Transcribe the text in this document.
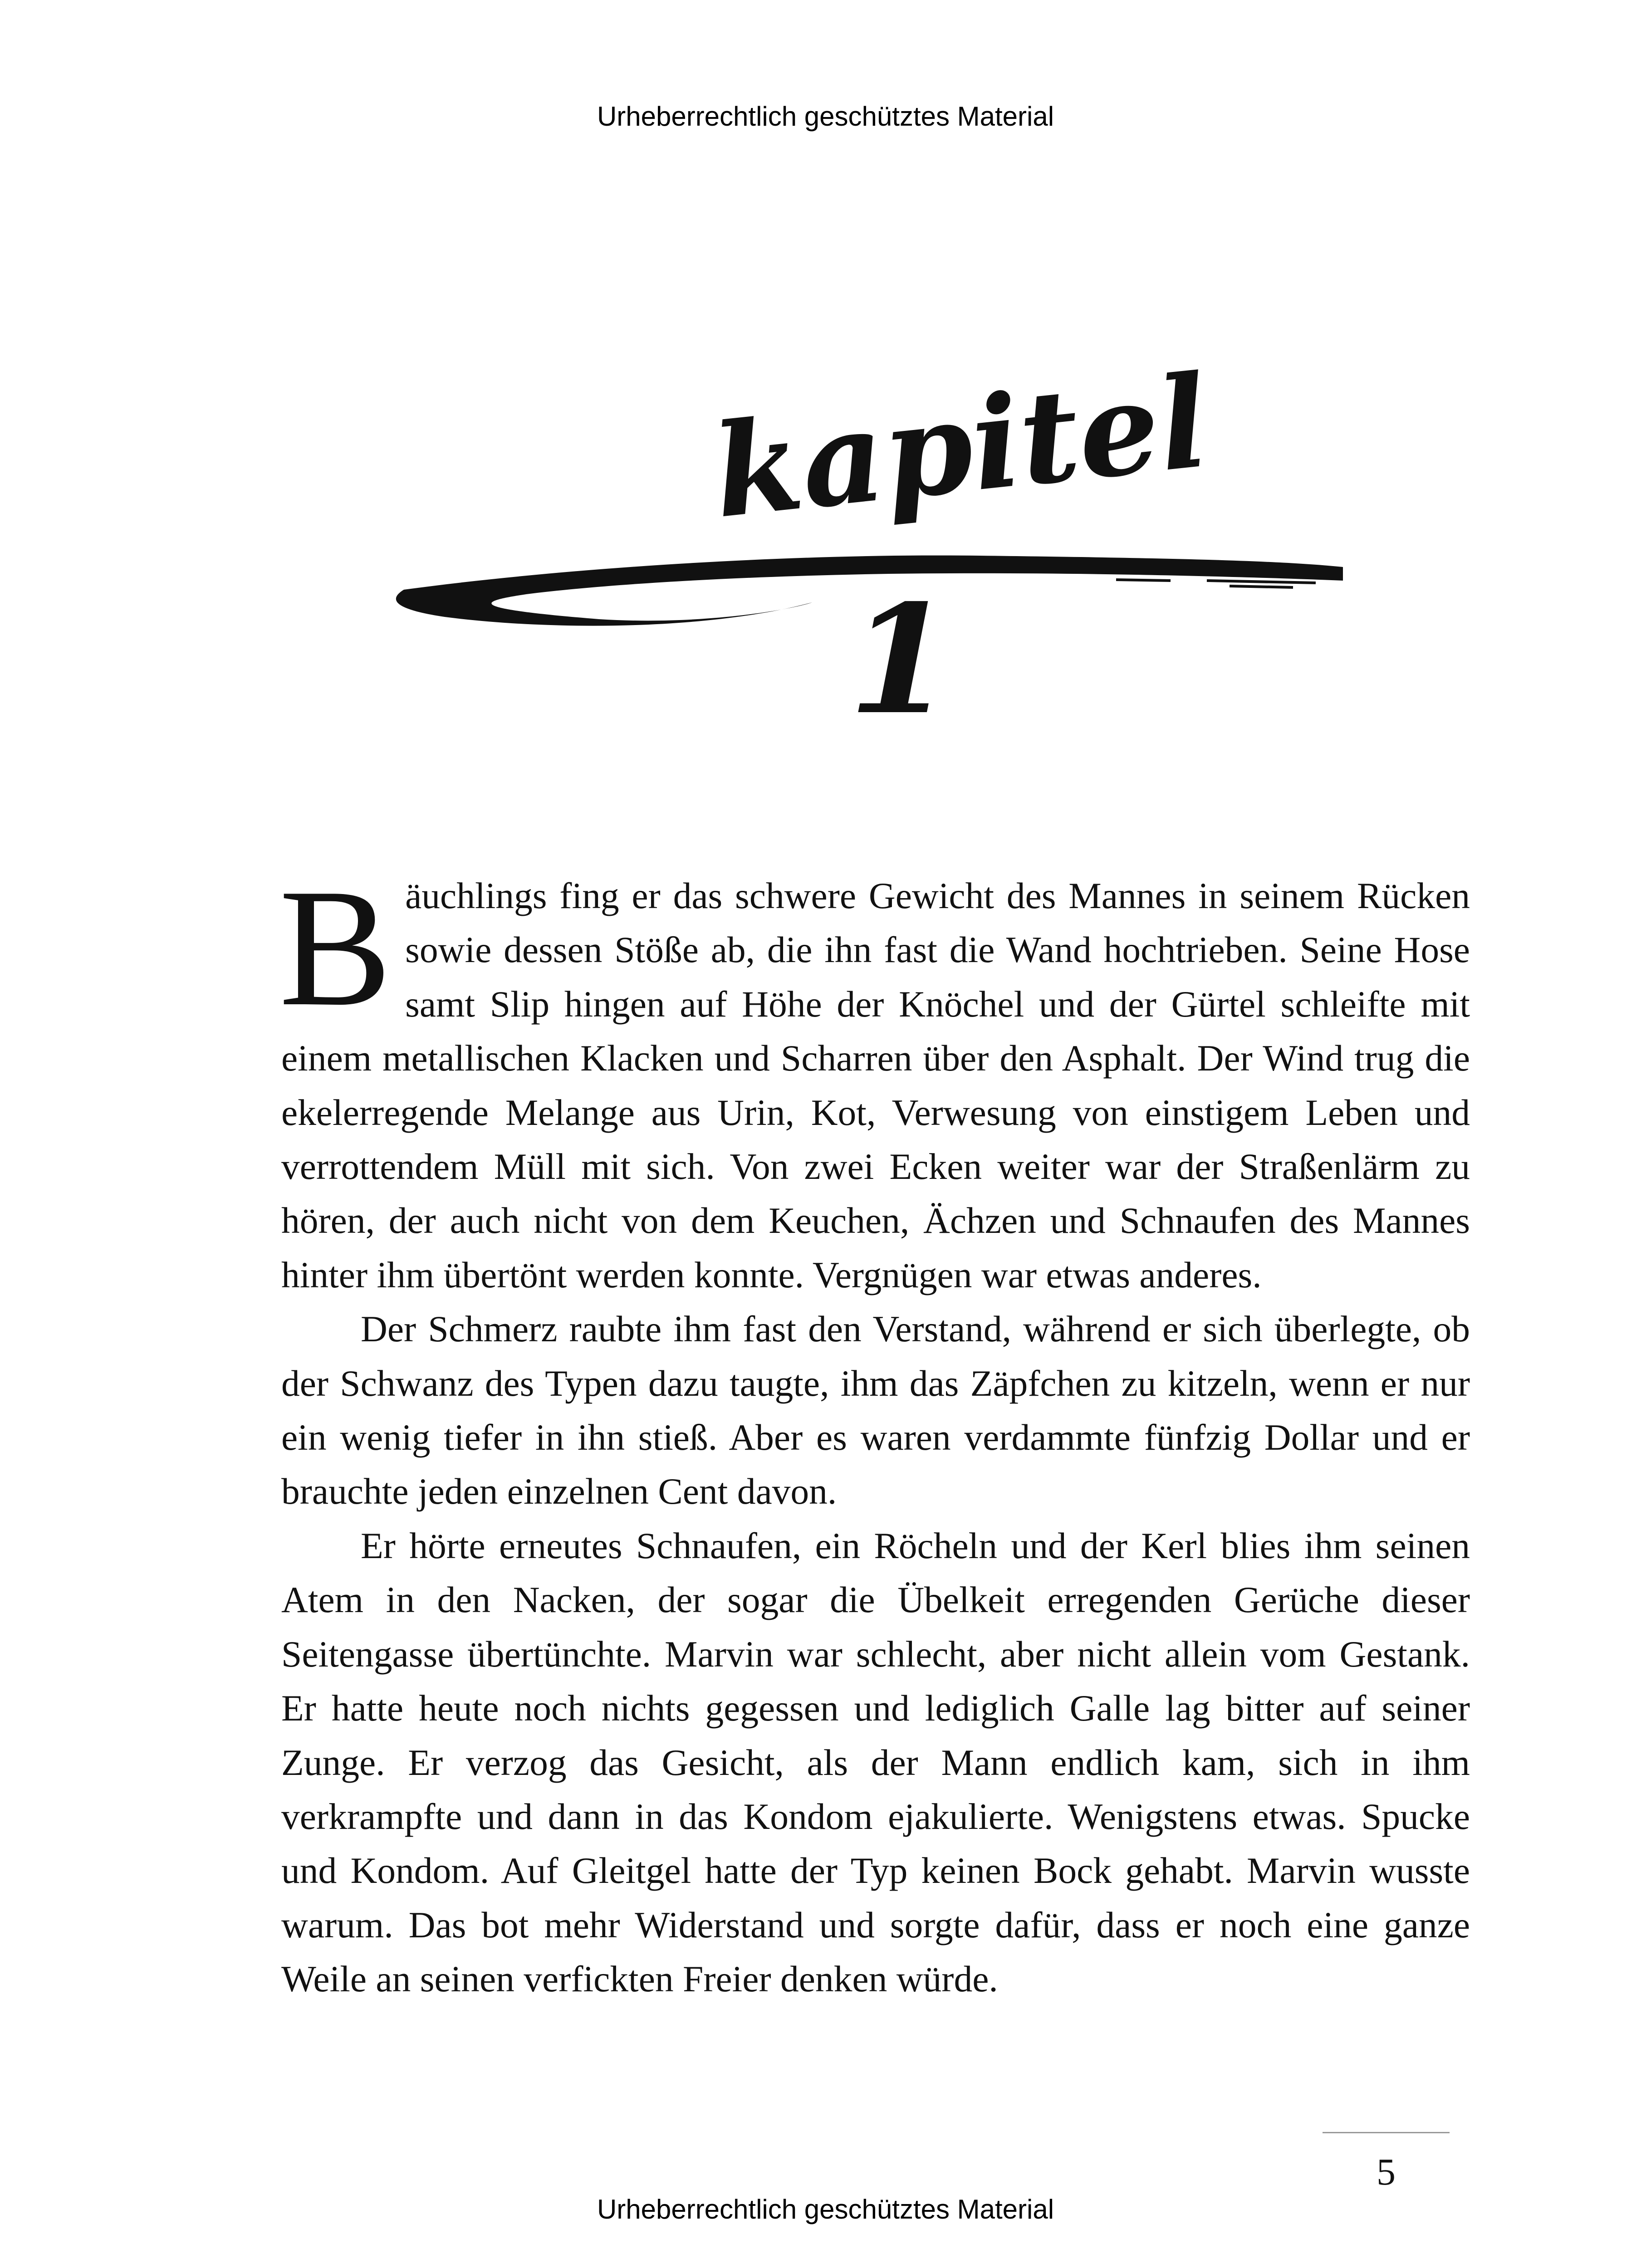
Urheberrechtlich geschütztes Material
kapitel
1

Bäuchlings fing er das schwere Gewicht des Mannes in seinem Rücken sowie dessen Stöße ab, die ihn fast die Wand hochtrieben. Seine Hose samt Slip hingen auf Höhe der Knöchel und der Gürtel schleifte mit einem metallischen Klacken und Scharren über den Asphalt. Der Wind trug die ekelerregende Melange aus Urin, Kot, Verwesung von einstigem Leben und verrottendem Müll mit sich. Von zwei Ecken weiter war der Straßenlärm zu hören, der auch nicht von dem Keuchen, Ächzen und Schnaufen des Mannes hinter ihm übertönt werden konnte. Vergnügen war etwas anderes.

Der Schmerz raubte ihm fast den Verstand, während er sich überlegte, ob der Schwanz des Typen dazu taugte, ihm das Zäpfchen zu kitzeln, wenn er nur ein wenig tiefer in ihn stieß. Aber es waren verdammte fünfzig Dollar und er brauchte jeden einzelnen Cent davon.

Er hörte erneutes Schnaufen, ein Röcheln und der Kerl blies ihm seinen Atem in den Nacken, der sogar die Übelkeit erregenden Gerüche dieser Seitengasse übertünchte. Marvin war schlecht, aber nicht allein vom Gestank. Er hatte heute noch nichts gegessen und lediglich Galle lag bitter auf seiner Zunge. Er verzog das Gesicht, als der Mann endlich kam, sich in ihm verkrampfte und dann in das Kondom ejakulierte. Wenigstens etwas. Spucke und Kondom. Auf Gleitgel hatte der Typ keinen Bock gehabt. Marvin wusste warum. Das bot mehr Widerstand und sorgte dafür, dass er noch eine ganze Weile an seinen verfickten Freier denken würde.

5
Urheberrechtlich geschütztes Material
